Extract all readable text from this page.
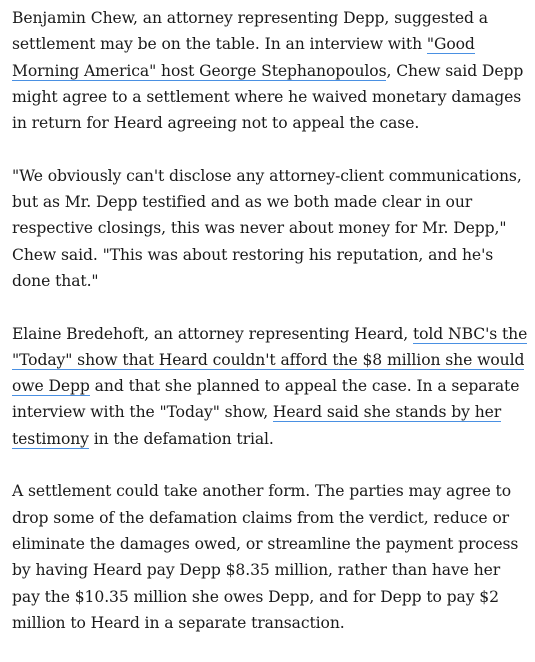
Benjamin Chew, an attorney representing Depp, suggested a settlement may be on the table. In an interview with "Good Morning America" host George Stephanopoulos, Chew said Depp might agree to a settlement where he waived monetary damages in return for Heard agreeing not to appeal the case.

"We obviously can't disclose any attorney-client communications, but as Mr. Depp testified and as we both made clear in our respective closings, this was never about money for Mr. Depp," Chew said. "This was about restoring his reputation, and he's done that."

Elaine Bredehoft, an attorney representing Heard, told NBC's the "Today" show that Heard couldn't afford the $8 million she would owe Depp and that she planned to appeal the case. In a separate interview with the "Today" show, Heard said she stands by her testimony in the defamation trial.

A settlement could take another form. The parties may agree to drop some of the defamation claims from the verdict, reduce or eliminate the damages owed, or streamline the payment process by having Heard pay Depp $8.35 million, rather than have her pay the $10.35 million she owes Depp, and for Depp to pay $2 million to Heard in a separate transaction.
